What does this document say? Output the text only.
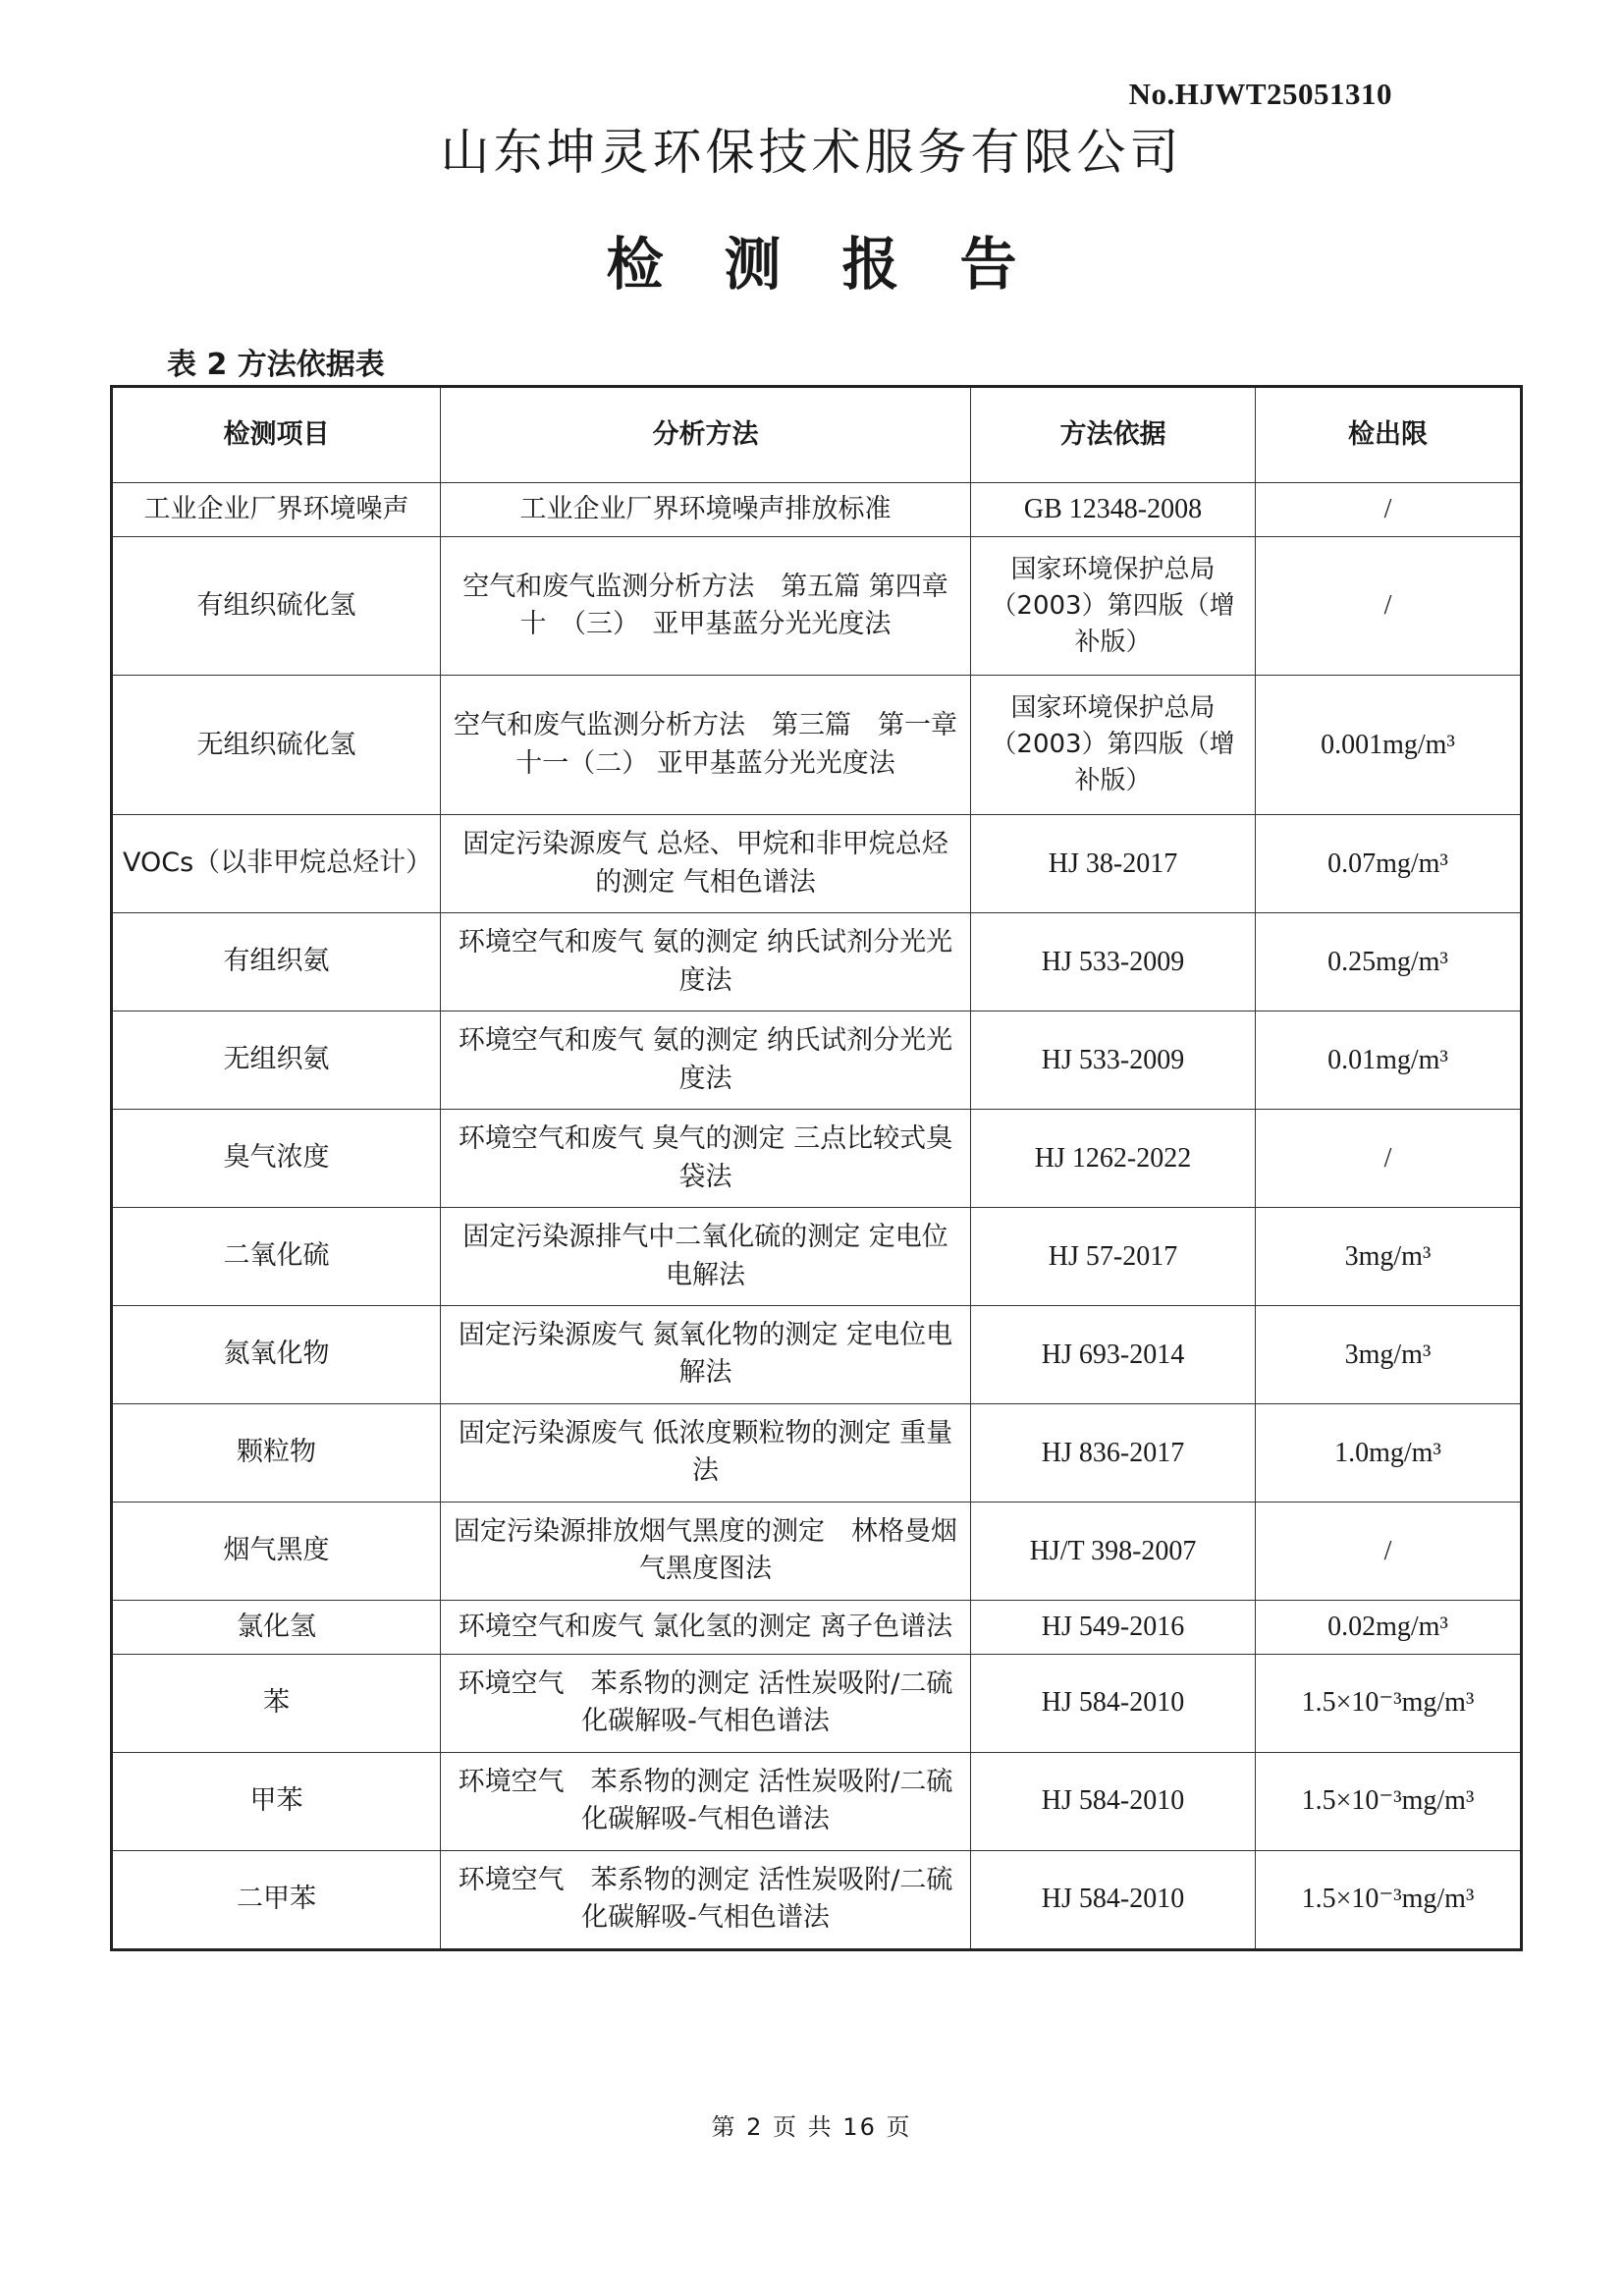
No.HJWT25051310
山东坤灵环保技术服务有限公司
检测报告
表 2 方法依据表
检测项目	分析方法	方法依据	检出限
工业企业厂界环境噪声	工业企业厂界环境噪声排放标准	GB 12348-2008	/
有组织硫化氢	空气和废气监测分析方法　第五篇 第四章　十　（三）　亚甲基蓝分光光度法	国家环境保护总局（2003）第四版（增补版）	/
无组织硫化氢	空气和废气监测分析方法　第三篇　第一章　十一（二） 亚甲基蓝分光光度法	国家环境保护总局（2003）第四版（增补版）	0.001mg/m³
VOCs（以非甲烷总烃计）	固定污染源废气 总烃、甲烷和非甲烷总烃的测定 气相色谱法	HJ 38-2017	0.07mg/m³
有组织氨	环境空气和废气 氨的测定 纳氏试剂分光光度法	HJ 533-2009	0.25mg/m³
无组织氨	环境空气和废气 氨的测定 纳氏试剂分光光度法	HJ 533-2009	0.01mg/m³
臭气浓度	环境空气和废气 臭气的测定 三点比较式臭袋法	HJ 1262-2022	/
二氧化硫	固定污染源排气中二氧化硫的测定 定电位电解法	HJ 57-2017	3mg/m³
氮氧化物	固定污染源废气 氮氧化物的测定 定电位电解法	HJ 693-2014	3mg/m³
颗粒物	固定污染源废气 低浓度颗粒物的测定 重量法	HJ 836-2017	1.0mg/m³
烟气黑度	固定污染源排放烟气黑度的测定　林格曼烟气黑度图法	HJ/T 398-2007	/
氯化氢	环境空气和废气 氯化氢的测定 离子色谱法	HJ 549-2016	0.02mg/m³
苯	环境空气　苯系物的测定 活性炭吸附/二硫化碳解吸-气相色谱法	HJ 584-2010	1.5×10⁻³mg/m³
甲苯	环境空气　苯系物的测定 活性炭吸附/二硫化碳解吸-气相色谱法	HJ 584-2010	1.5×10⁻³mg/m³
二甲苯	环境空气　苯系物的测定 活性炭吸附/二硫化碳解吸-气相色谱法	HJ 584-2010	1.5×10⁻³mg/m³
第 2 页 共 16 页
